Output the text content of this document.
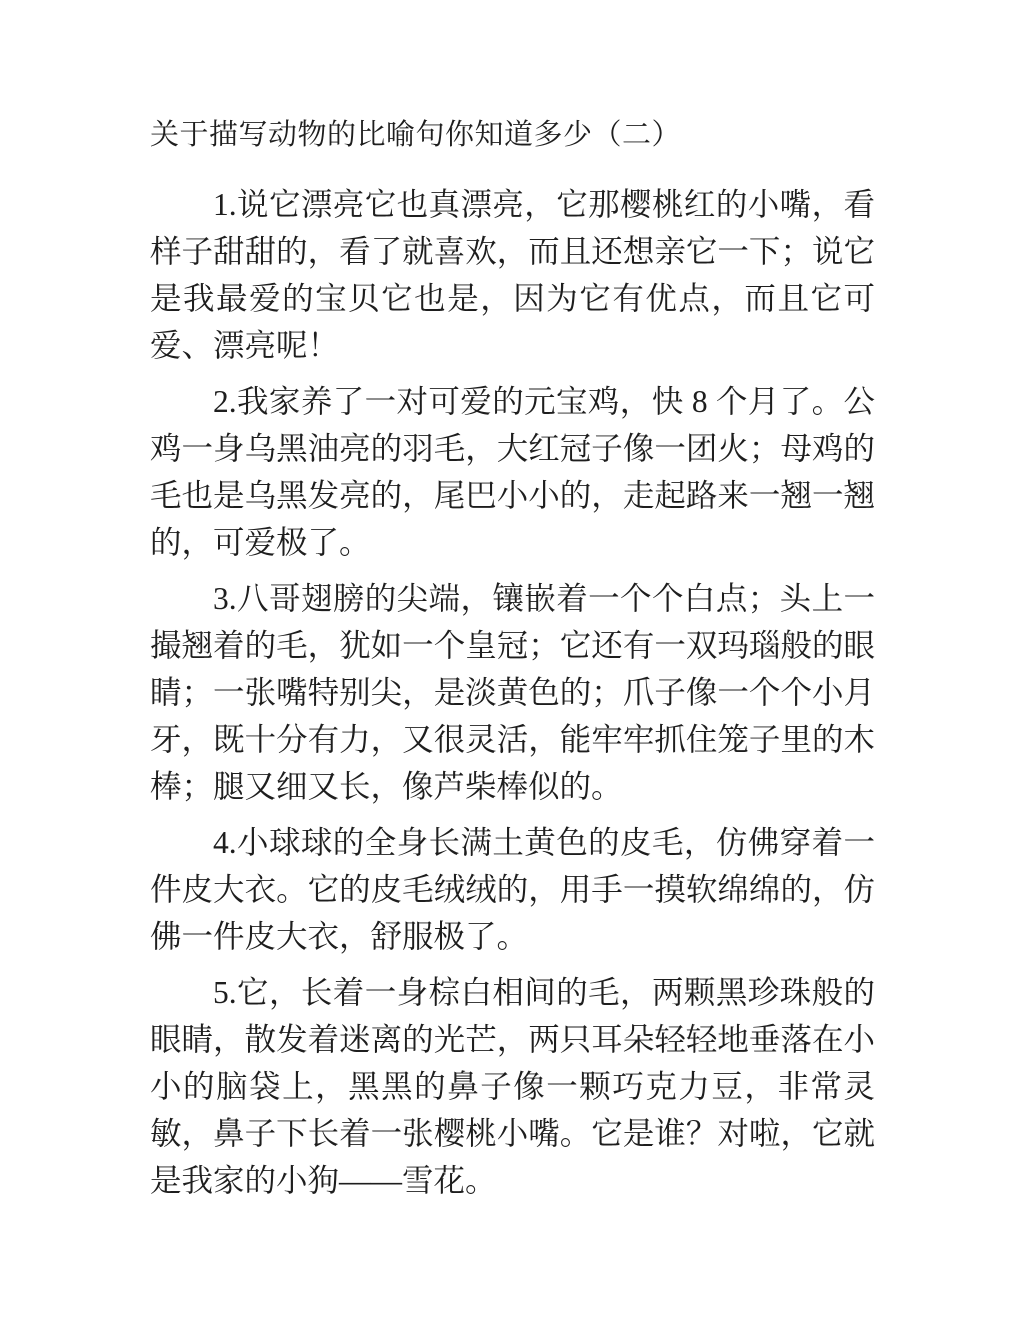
关于描写动物的比喻句你知道多少（二）

1.说它漂亮它也真漂亮，它那樱桃红的小嘴，看样子甜甜的，看了就喜欢，而且还想亲它一下；说它是我最爱的宝贝它也是，因为它有优点，而且它可爱、漂亮呢！

2.我家养了一对可爱的元宝鸡，快 8 个月了。公鸡一身乌黑油亮的羽毛，大红冠子像一团火；母鸡的毛也是乌黑发亮的，尾巴小小的，走起路来一翘一翘的，可爱极了。

3.八哥翅膀的尖端，镶嵌着一个个白点；头上一撮翘着的毛，犹如一个皇冠；它还有一双玛瑙般的眼睛；一张嘴特别尖，是淡黄色的；爪子像一个个小月牙，既十分有力，又很灵活，能牢牢抓住笼子里的木棒；腿又细又长，像芦柴棒似的。

4.小球球的全身长满土黄色的皮毛，仿佛穿着一件皮大衣。它的皮毛绒绒的，用手一摸软绵绵的，仿佛一件皮大衣，舒服极了。

5.它，长着一身棕白相间的毛，两颗黑珍珠般的眼睛，散发着迷离的光芒，两只耳朵轻轻地垂落在小小的脑袋上，黑黑的鼻子像一颗巧克力豆，非常灵敏，鼻子下长着一张樱桃小嘴。它是谁？对啦，它就是我家的小狗——雪花。
